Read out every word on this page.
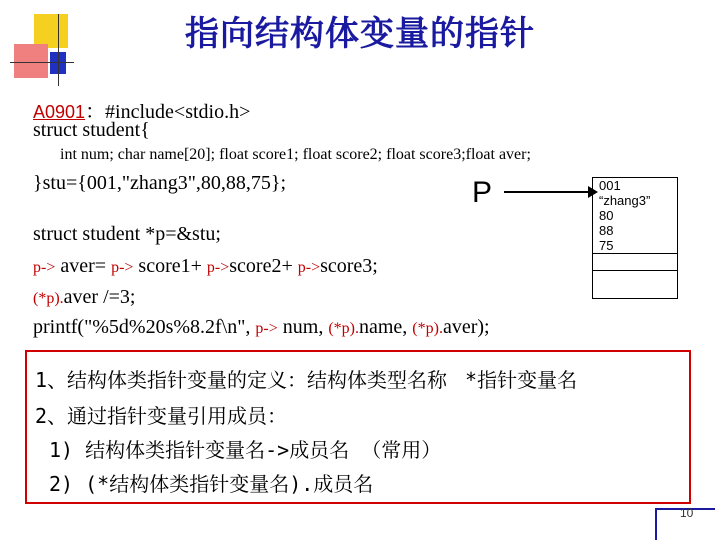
指向结构体变量的指针
A0901：#include<stdio.h>
struct student{
int num; char name[20]; float score1; float score2; float score3;float aver;
}stu={001,"zhang3",80,88,75};	P	001
“zhang3”
80
88
75
struct student *p=&stu;
p-> aver= p-> score1+ p->score2+ p->score3;
(*p).aver /=3;
printf("%5d%20s%8.2f\n", p-> num, (*p).name, (*p).aver);
1、结构体类指针变量的定义：结构体类型名称 *指针变量名
2、通过指针变量引用成员：
1) 结构体类指针变量名->成员名 （常用）
2) (*结构体类指针变量名).成员名
10
